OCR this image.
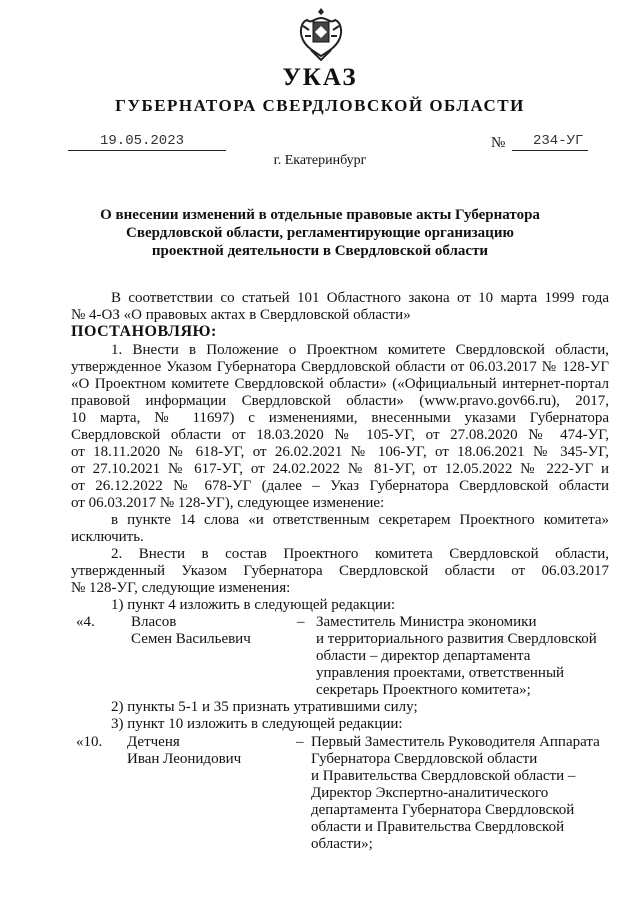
УКАЗ
ГУБЕРНАТОРА СВЕРДЛОВСКОЙ ОБЛАСТИ
19.05.2023	№ 234-УГ
г. Екатеринбург
О внесении изменений в отдельные правовые акты Губернатора
Свердловской области, регламентирующие организацию
проектной деятельности в Свердловской области
В соответствии со статьей 101 Областного закона от 10 марта 1999 года
№ 4-ОЗ «О правовых актах в Свердловской области»
ПОСТАНОВЛЯЮ:
1. Внести в Положение о Проектном комитете Свердловской области,
утвержденное Указом Губернатора Свердловской области от 06.03.2017 № 128-УГ
«О Проектном комитете Свердловской области» («Официальный интернет-портал
правовой информации Свердловской области» (www.pravo.gov66.ru), 2017,
10 марта, № 11697) с изменениями, внесенными указами Губернатора
Свердловской области от 18.03.2020 № 105-УГ, от 27.08.2020 № 474-УГ,
от 18.11.2020 № 618-УГ, от 26.02.2021 № 106-УГ, от 18.06.2021 № 345-УГ,
от 27.10.2021 № 617-УГ, от 24.02.2022 № 81-УГ, от 12.05.2022 № 222-УГ и
от 26.12.2022 № 678-УГ (далее – Указ Губернатора Свердловской области
от 06.03.2017 № 128-УГ), следующее изменение:
в пункте 14 слова «и ответственным секретарем Проектного комитета»
исключить.
2. Внести в состав Проектного комитета Свердловской области,
утвержденный Указом Губернатора Свердловской области от 06.03.2017
№ 128-УГ, следующие изменения:
1) пункт 4 изложить в следующей редакции:
«4. Власов
Семен Васильевич
– Заместитель Министра экономики
и территориального развития Свердловской
области – директор департамента
управления проектами, ответственный
секретарь Проектного комитета»;
2) пункты 5-1 и 35 признать утратившими силу;
3) пункт 10 изложить в следующей редакции:
«10. Детченя
Иван Леонидович
– Первый Заместитель Руководителя Аппарата
Губернатора Свердловской области
и Правительства Свердловской области –
Директор Экспертно-аналитического
департамента Губернатора Свердловской
области и Правительства Свердловской
области»;
